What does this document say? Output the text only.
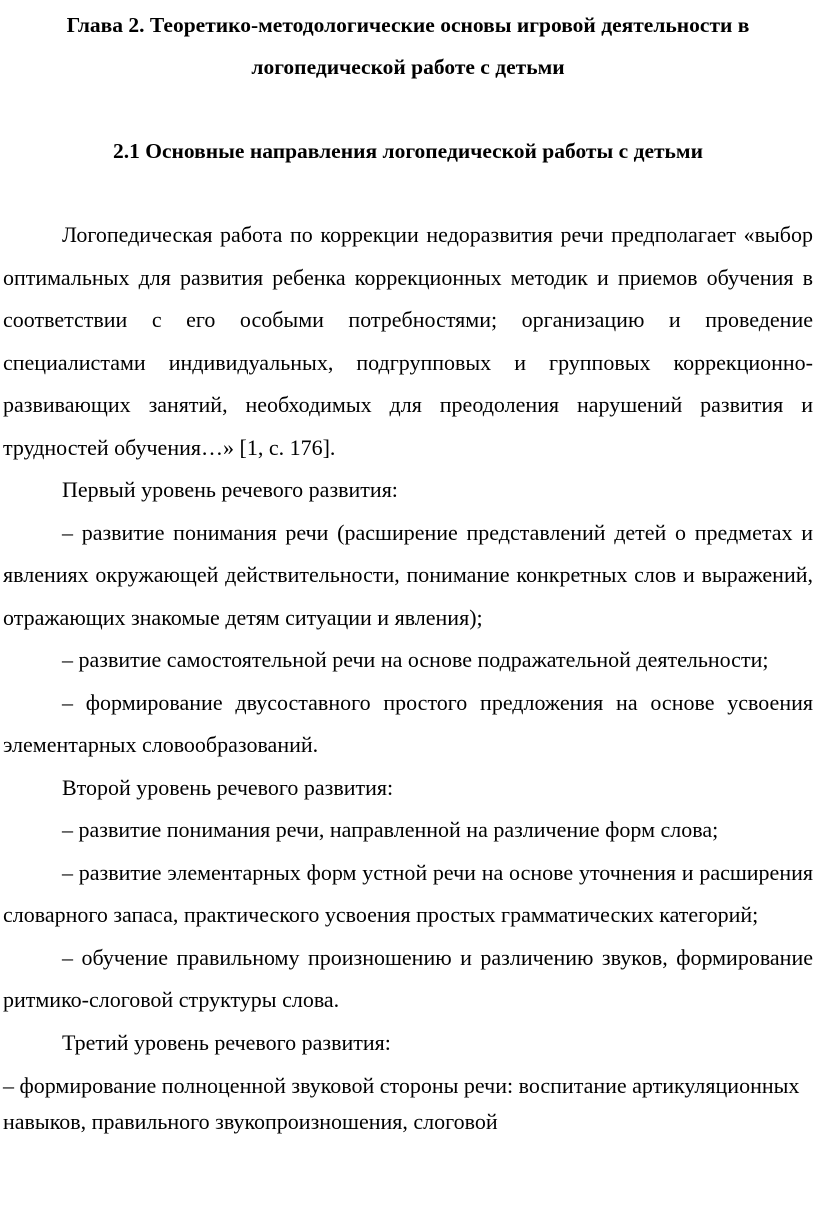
Глава 2. Теоретико-методологические основы игровой деятельности в логопедической работе с детьми
2.1 Основные направления логопедической работы с детьми

Логопедическая работа по коррекции недоразвития речи предполагает «выбор оптимальных для развития ребенка коррекционных методик и приемов обучения в соответствии с его особыми потребностями; организацию и проведение специалистами индивидуальных, подгрупповых и групповых коррекционно-развивающих занятий, необходимых для преодоления нарушений развития и трудностей обучения…» [1, с. 176].

Первый уровень речевого развития:

– развитие понимания речи (расширение представлений детей о предметах и явлениях окружающей действительности, понимание конкретных слов и выражений, отражающих знакомые детям ситуации и явления);

– развитие самостоятельной речи на основе подражательной деятельности;

– формирование двусоставного простого предложения на основе усвоения элементарных словообразований.

Второй уровень речевого развития:

– развитие понимания речи, направленной на различение форм слова;

– развитие элементарных форм устной речи на основе уточнения и расширения словарного запаса, практического усвоения простых грамматических категорий;

– обучение правильному произношению и различению звуков, формирование ритмико-слоговой структуры слова.

Третий уровень речевого развития:

– формирование полноценной звуковой стороны речи: воспитание артикуляционных навыков, правильного звукопроизношения, слоговой
